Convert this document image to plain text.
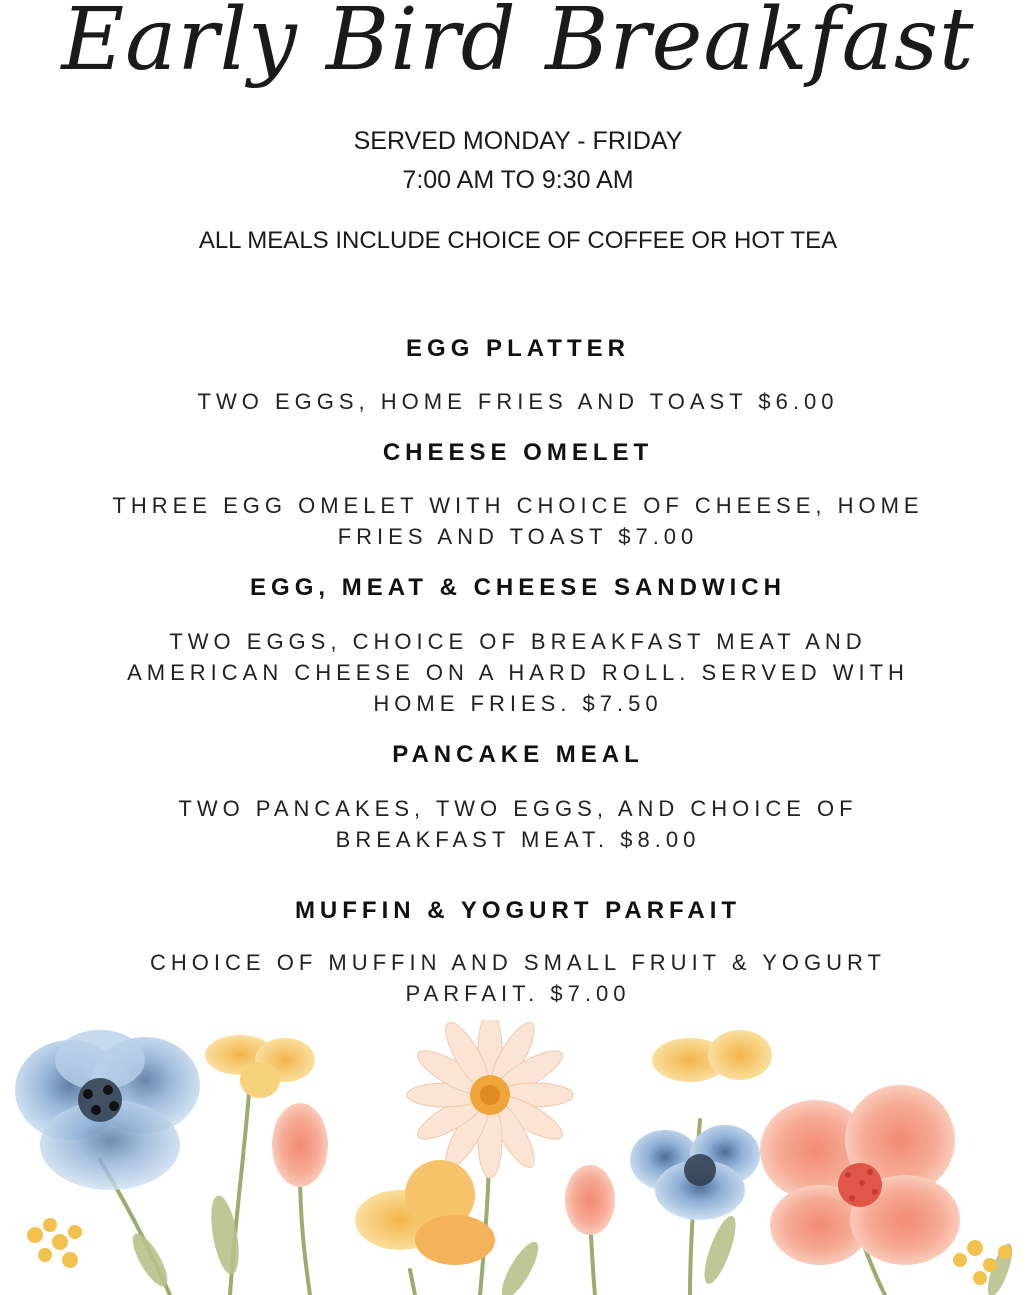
Early Bird Breakfast
SERVED MONDAY - FRIDAY
7:00 AM TO 9:30 AM
ALL MEALS INCLUDE CHOICE OF COFFEE OR HOT TEA
EGG PLATTER
TWO EGGS, HOME FRIES AND TOAST $6.00
CHEESE OMELET
THREE EGG OMELET WITH CHOICE OF CHEESE, HOME
FRIES AND TOAST $7.00
EGG, MEAT & CHEESE SANDWICH
TWO EGGS, CHOICE OF BREAKFAST MEAT AND
AMERICAN CHEESE ON A HARD ROLL. SERVED WITH
HOME FRIES. $7.50
PANCAKE MEAL
TWO PANCAKES, TWO EGGS, AND CHOICE OF
BREAKFAST MEAT. $8.00
MUFFIN & YOGURT PARFAIT
CHOICE OF MUFFIN AND SMALL FRUIT & YOGURT
PARFAIT. $7.00
